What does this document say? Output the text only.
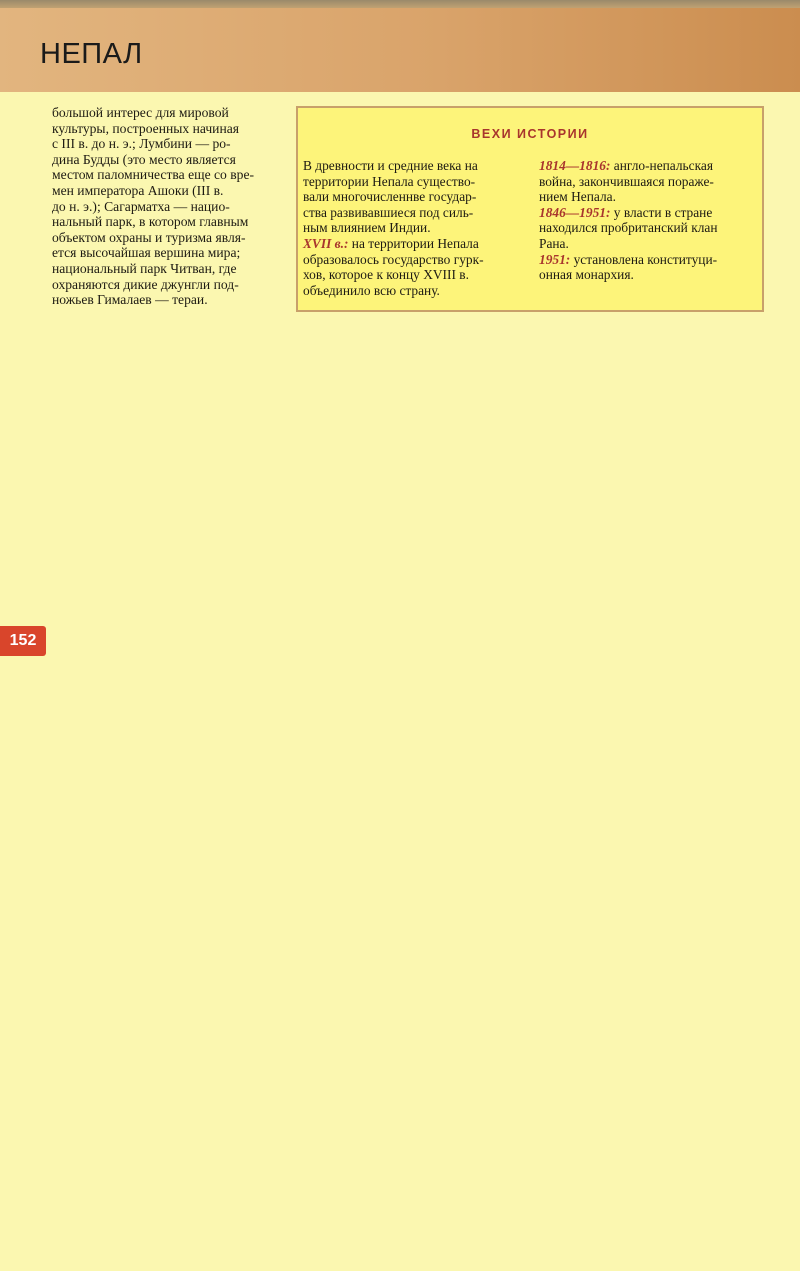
НЕПАЛ
большой интерес для мировой
культуры, построенных начиная
с III в. до н. э.; Лумбини — ро-
дина Будды (это место является
местом паломничества еще со вре-
мен императора Ашоки (III в.
до н. э.); Сагарматха — нацио-
нальный парк, в котором главным
объектом охраны и туризма явля-
ется высочайшая вершина мира;
национальный парк Читван, где
охраняются дикие джунгли под-
ножьев Гималаев — тераи.
ВЕХИ ИСТОРИИ
В древности и средние века на
территории Непала существо-
вали многочисленнве государ-
ства развивавшиеся под силь-
ным влиянием Индии.
XVII в.: на территории Непала
образовалось государство гурк-
хов, которое к концу XVIII в.
объединило всю страну.
1814—1816: англо-непальская
война, закончившаяся пораже-
нием Непала.
1846—1951: у власти в стране
находился пробританский клан
Рана.
1951: установлена конституци-
онная монархия.
152
